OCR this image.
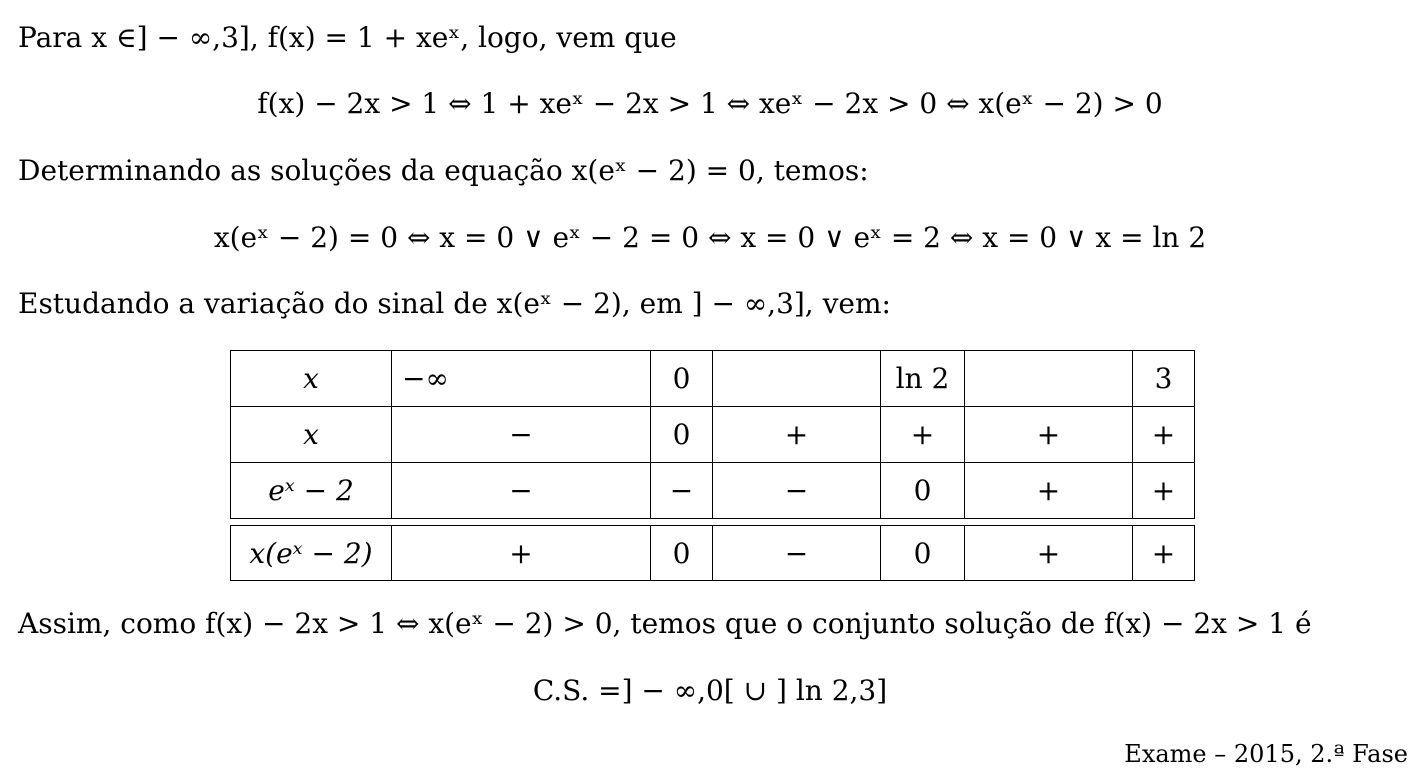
Para x ∈] − ∞,3], f(x) = 1 + xeˣ, logo, vem que
f(x) − 2x > 1 ⇔ 1 + xeˣ − 2x > 1 ⇔ xeˣ − 2x > 0 ⇔ x(eˣ − 2) > 0
Determinando as soluções da equação x(eˣ − 2) = 0, temos:
x(eˣ − 2) = 0 ⇔ x = 0 ∨ eˣ − 2 = 0 ⇔ x = 0 ∨ eˣ = 2 ⇔ x = 0 ∨ x = ln 2
Estudando a variação do sinal de x(eˣ − 2), em ] − ∞,3], vem:
x	−∞	0		ln 2		3
x	−	0	+	+	+	+
eˣ − 2	−	−	−	0	+	+

x(eˣ − 2)	+	0	−	0	+	+
Assim, como f(x) − 2x > 1 ⇔ x(eˣ − 2) > 0, temos que o conjunto solução de f(x) − 2x > 1 é
C.S. =] − ∞,0[ ∪ ] ln 2,3]
Exame – 2015, 2.ª Fase
